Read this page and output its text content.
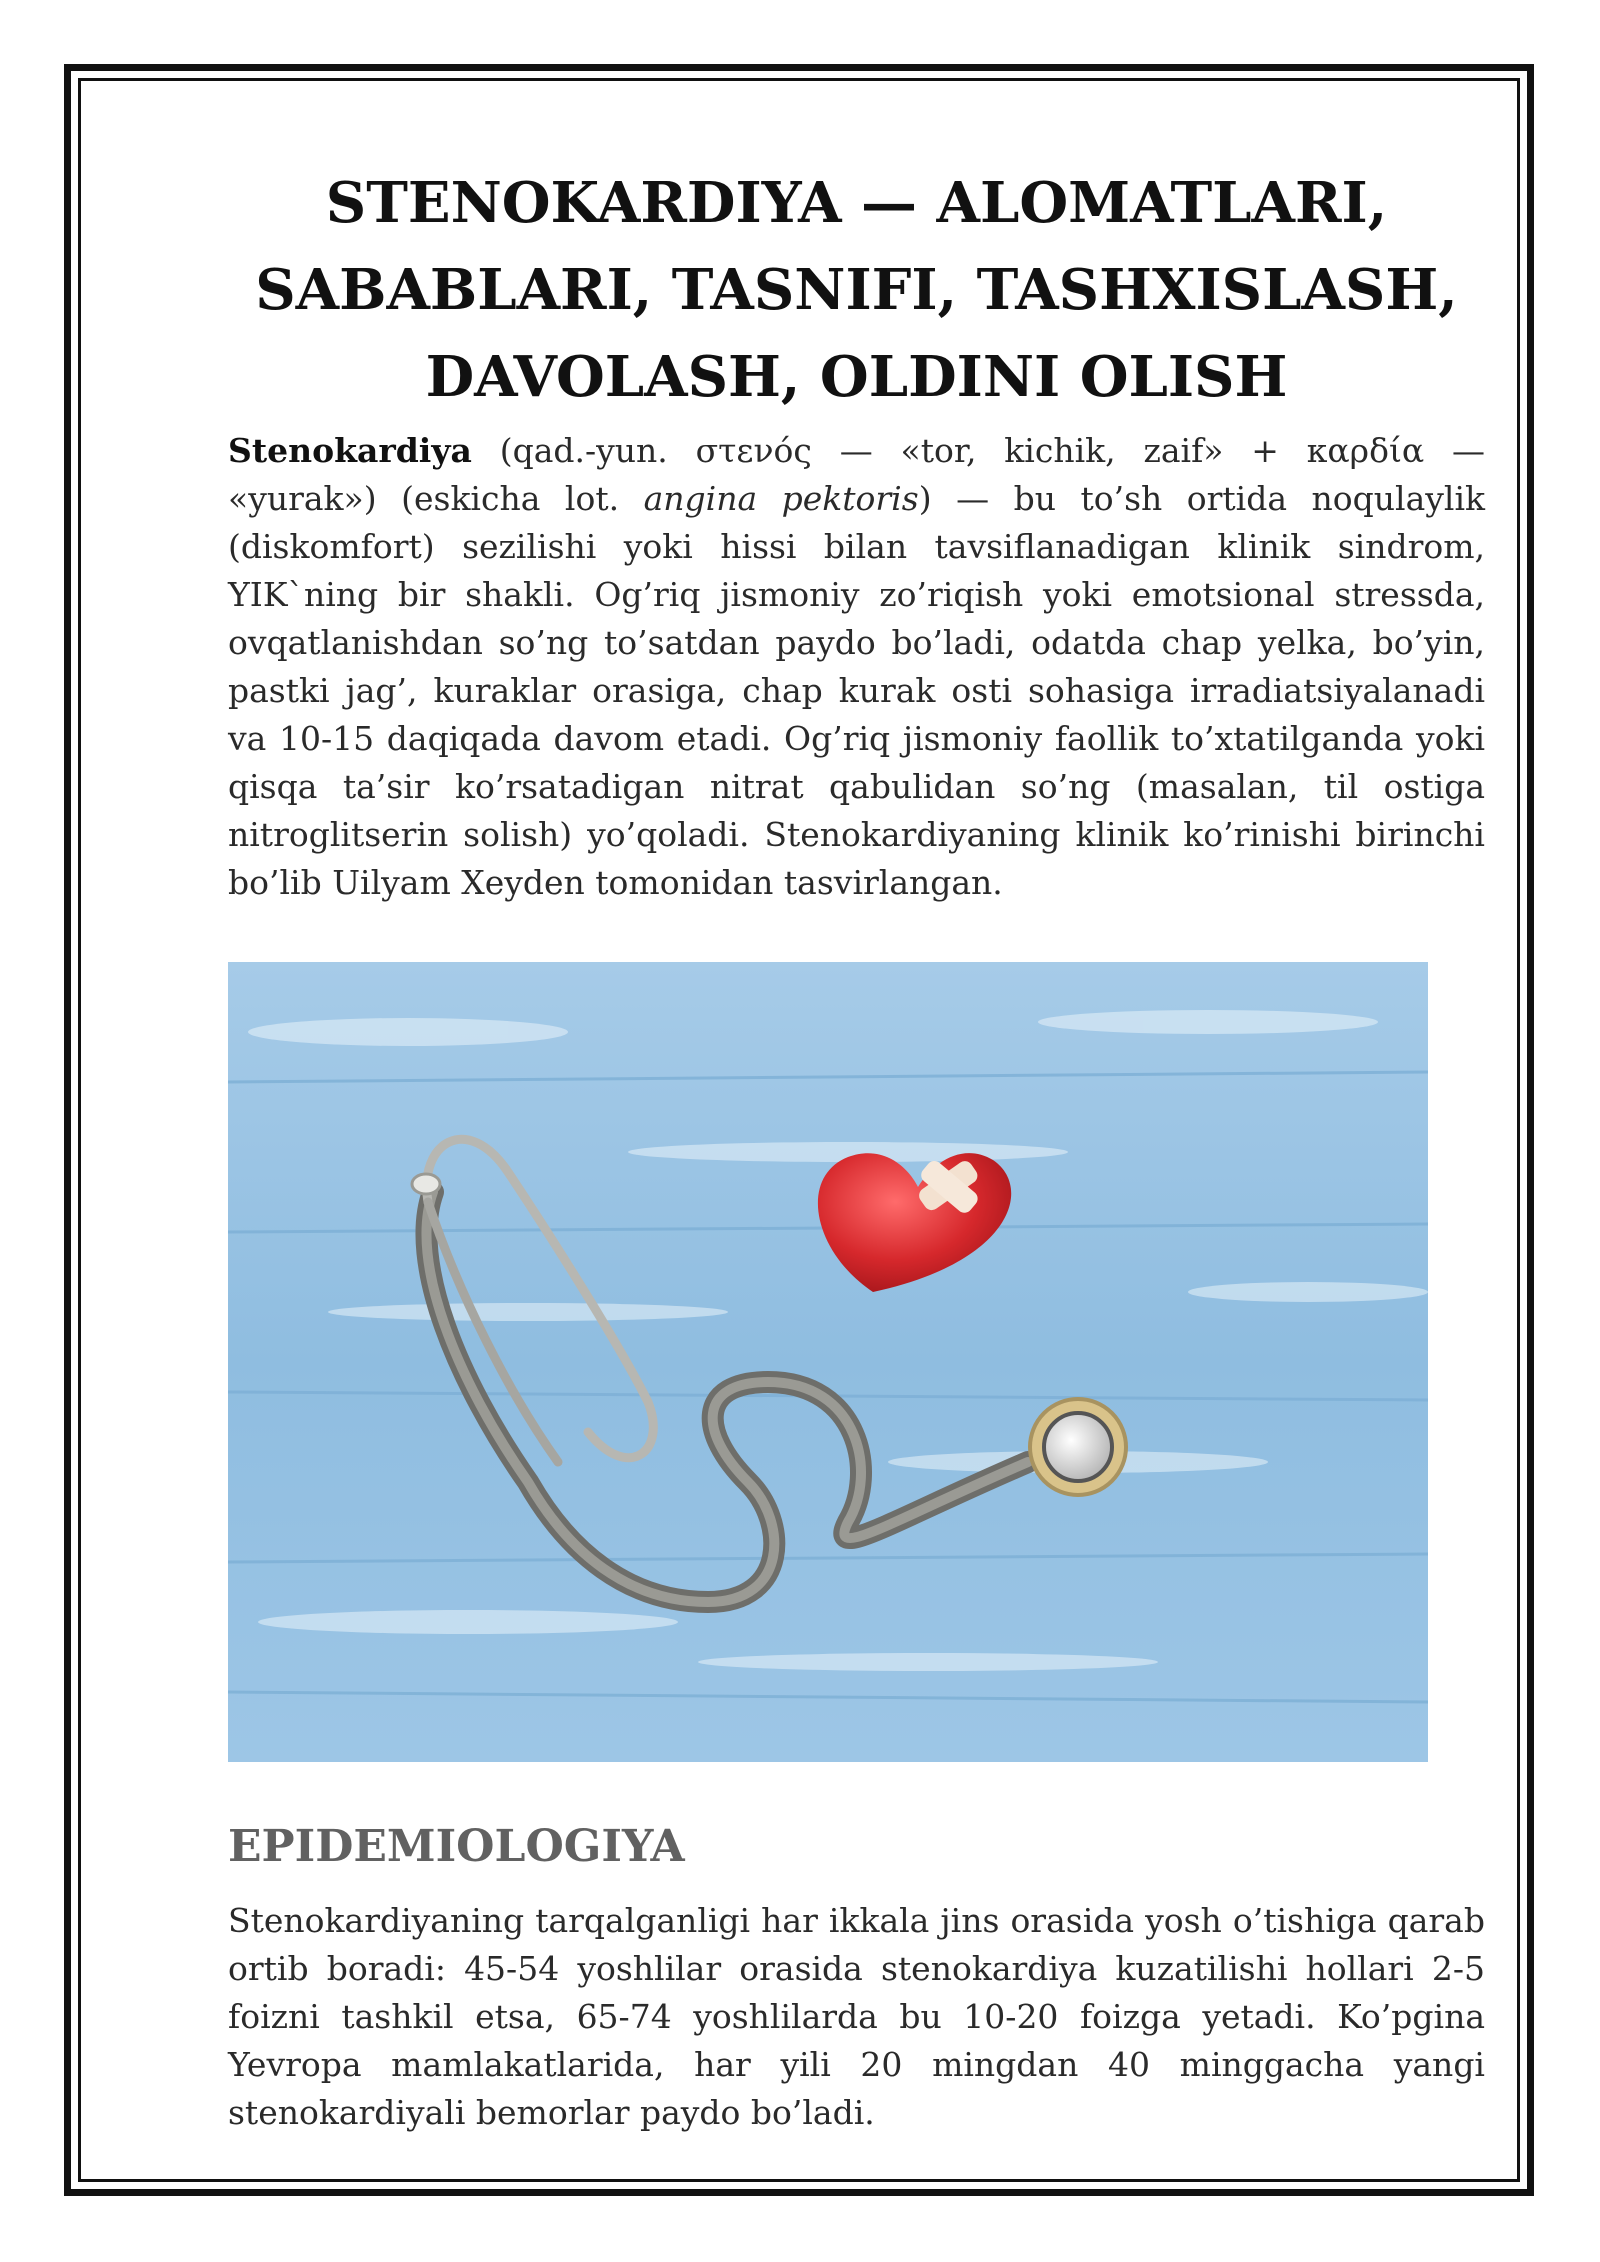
STENOKARDIYA — ALOMATLARI,
SABABLARI, TASNIFI, TASHXISLASH,
DAVOLASH, OLDINI OLISH

Stenokardiya (qad.-yun. στενός — «tor, kichik, zaif» + καρδία — «yurak») (eskicha lot. angina pektoris) — bu to’sh ortida noqulaylik (diskomfort) sezilishi yoki hissi bilan tavsiflanadigan klinik sindrom, YIK`ning bir shakli. Og’riq jismoniy zo’riqish yoki emotsional stressda, ovqatlanishdan so’ng to’satdan paydo bo’ladi, odatda chap yelka, bo’yin, pastki jag’, kuraklar orasiga, chap kurak osti sohasiga irradiatsiyalanadi va 10-15 daqiqada davom etadi. Og’riq jismoniy faollik to’xtatilganda yoki qisqa ta’sir ko’rsatadigan nitrat qabulidan so’ng (masalan, til ostiga nitroglitserin solish) yo’qoladi. Stenokardiyaning klinik ko’rinishi birinchi bo’lib Uilyam Xeyden tomonidan tasvirlangan.

EPIDEMIOLOGIYA

Stenokardiyaning tarqalganligi har ikkala jins orasida yosh o’tishiga qarab ortib boradi: 45-54 yoshlilar orasida stenokardiya kuzatilishi hollari 2-5 foizni tashkil etsa, 65-74 yoshlilarda bu 10-20 foizga yetadi. Ko’pgina Yevropa mamlakatlarida, har yili 20 mingdan 40 minggacha yangi stenokardiyali bemorlar paydo bo’ladi.
